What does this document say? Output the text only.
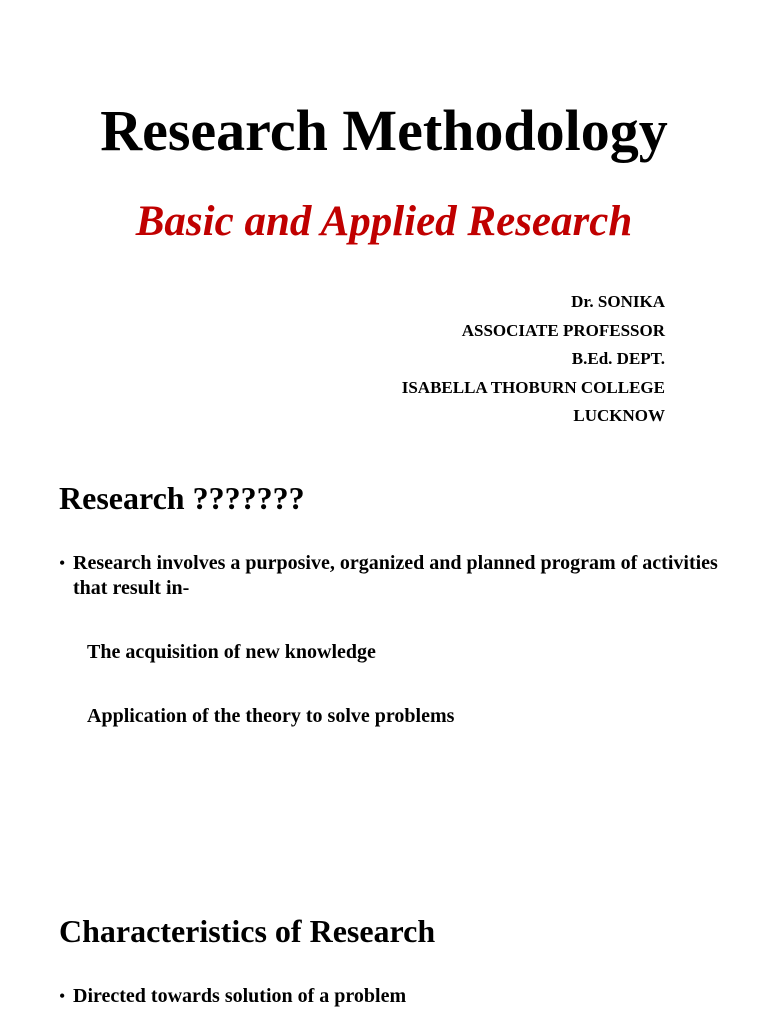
Research Methodology
Basic and Applied Research
Dr. SONIKA
ASSOCIATE PROFESSOR
B.Ed. DEPT.
ISABELLA THOBURN COLLEGE
LUCKNOW
Research ???????
• Research involves a purposive, organized and planned program of activities that result in-
The acquisition of new knowledge
Application of the theory to solve problems
Characteristics of Research
• Directed towards solution of a problem
